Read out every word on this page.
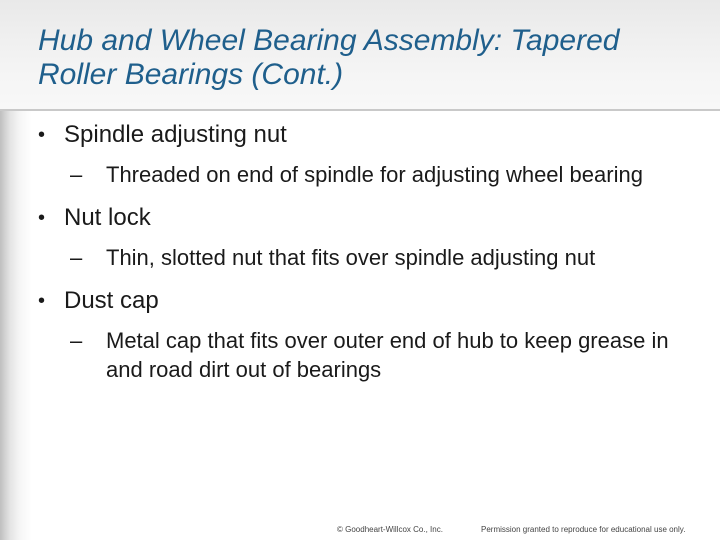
Hub and Wheel Bearing Assembly: Tapered Roller Bearings (Cont.)
• Spindle adjusting nut
–	Threaded on end of spindle for adjusting wheel bearing
• Nut lock
–	Thin, slotted nut that fits over spindle adjusting nut
• Dust cap
–	Metal cap that fits over outer end of hub to keep grease in and road dirt out of bearings
© Goodheart-Willcox Co., Inc.	Permission granted to reproduce for educational use only.
